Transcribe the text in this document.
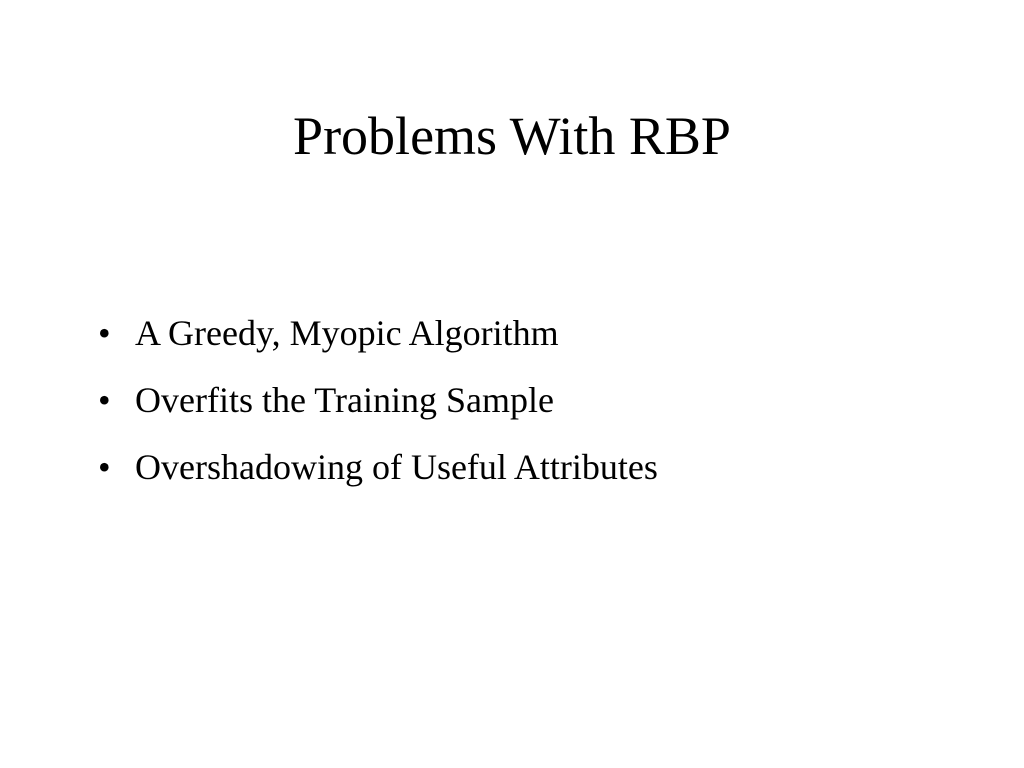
Problems With RBP
• A Greedy, Myopic Algorithm
• Overfits the Training Sample
• Overshadowing of Useful Attributes
